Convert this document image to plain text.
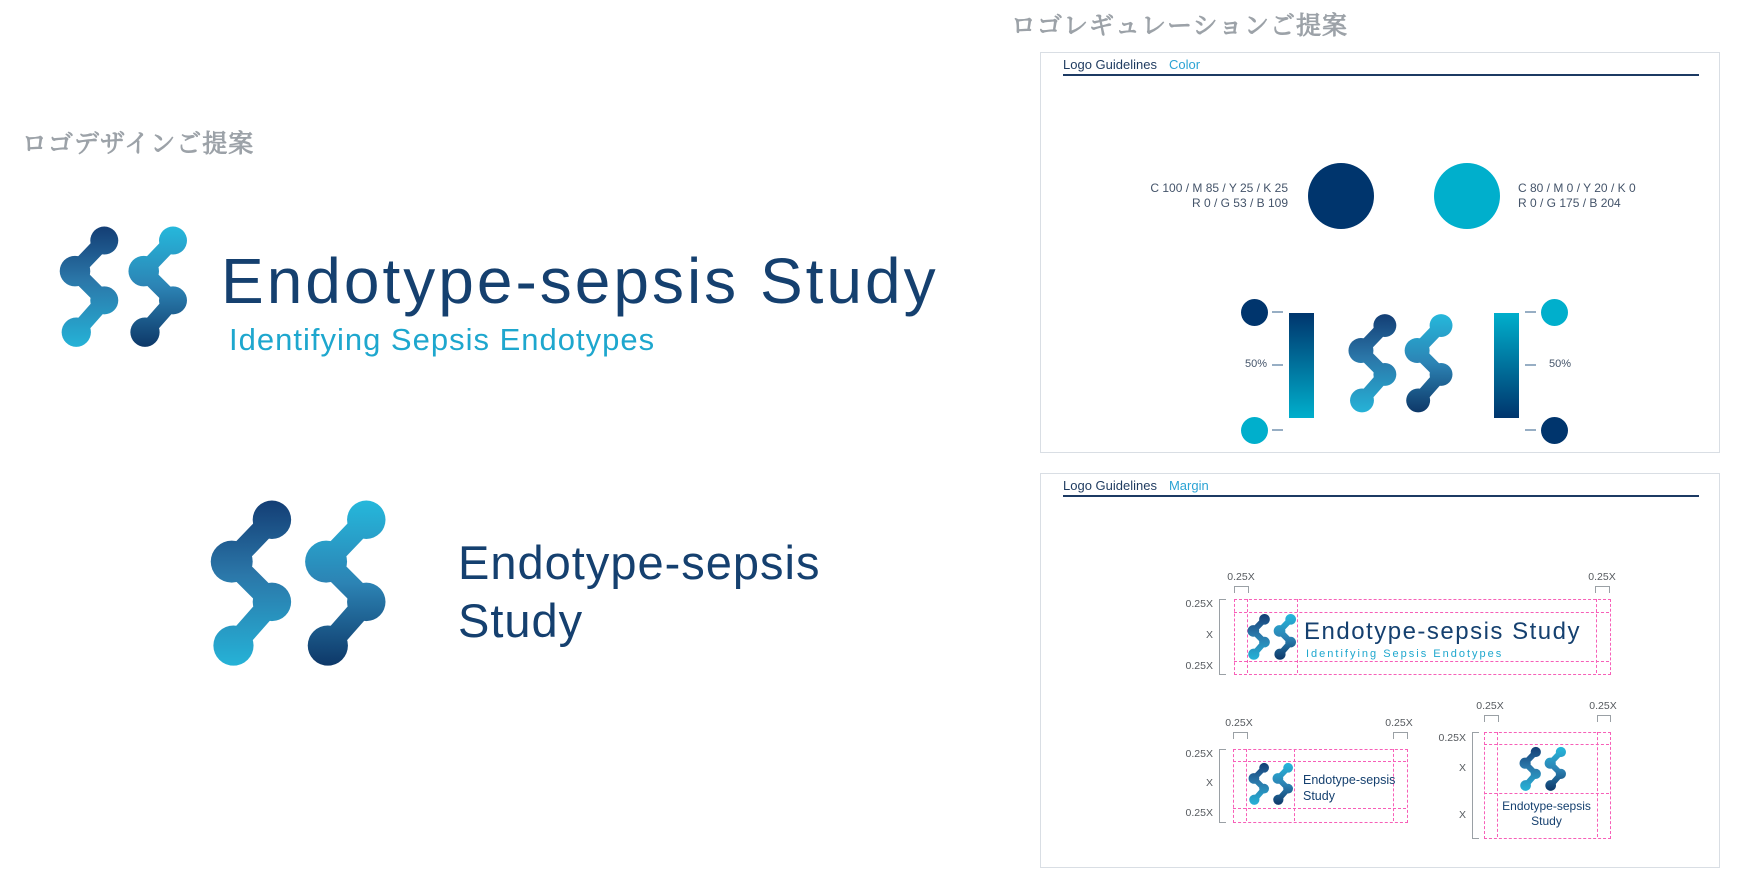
ロゴデザインご提案
Endotype-sepsis Study
Identifying Sepsis Endotypes
Endotype-sepsis
Study
ロゴレギュレーションご提案
Logo Guidelines Color
C 100 / M 85 / Y 25 / K 25
R 0 / G 53 / B 109
C 80 / M 0 / Y 20 / K 0
R 0 / G 175 / B 204
50%	50%
Logo Guidelines Margin
0.25X	0.25X
0.25X
X
0.25X
Endotype-sepsis Study
Identifying Sepsis Endotypes
0.25X	0.25X
0.25X
X
0.25X
Endotype-sepsis
Study
0.25X	0.25X
0.25X
X
X
Endotype-sepsis
Study
